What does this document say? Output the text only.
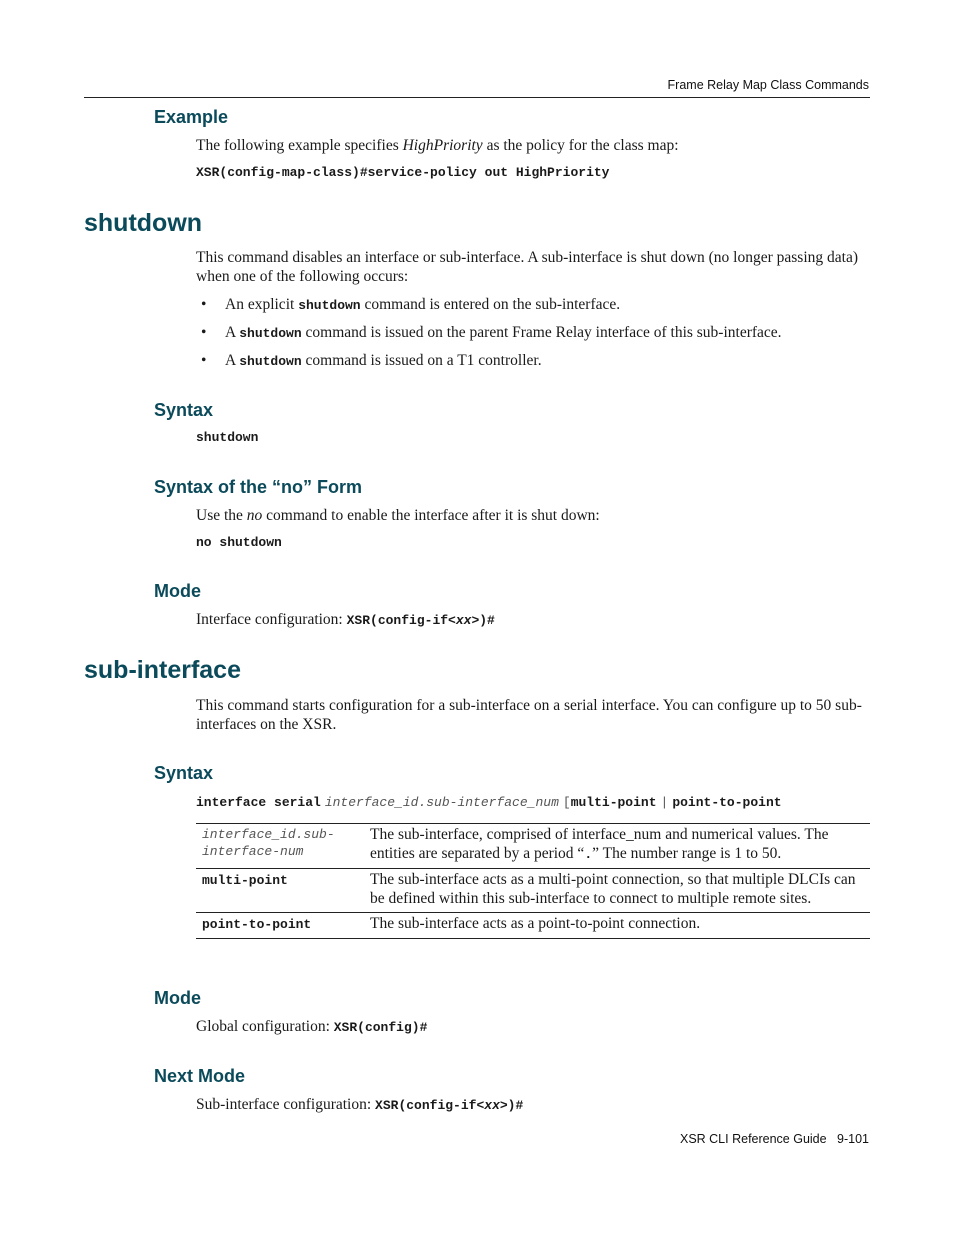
Frame Relay Map Class Commands
Example
The following example specifies HighPriority as the policy for the class map:
XSR(config-map-class)#service-policy out HighPriority
shutdown
This command disables an interface or sub-interface. A sub-interface is shut down (no longer passing data) when one of the following occurs:
• An explicit shutdown command is entered on the sub-interface.
• A shutdown command is issued on the parent Frame Relay interface of this sub-interface.
• A shutdown command is issued on a T1 controller.
Syntax
shutdown
Syntax of the “no” Form
Use the no command to enable the interface after it is shut down:
no shutdown
Mode
Interface configuration: XSR(config-if<xx>)#
sub-interface
This command starts configuration for a sub-interface on a serial interface. You can configure up to 50 sub-interfaces on the XSR.
Syntax
interface serial interface_id.sub-interface_num [multi-point | point-to-point
interface_id.sub-
interface-num	The sub-interface, comprised of interface_num and numerical values. The entities are separated by a period “.” The number range is 1 to 50.
multi-point	The sub-interface acts as a multi-point connection, so that multiple DLCIs can be defined within this sub-interface to connect to multiple remote sites.
point-to-point	The sub-interface acts as a point-to-point connection.
Mode
Global configuration: XSR(config)#
Next Mode
Sub-interface configuration: XSR(config-if<xx>)#
XSR CLI Reference Guide 9-101
